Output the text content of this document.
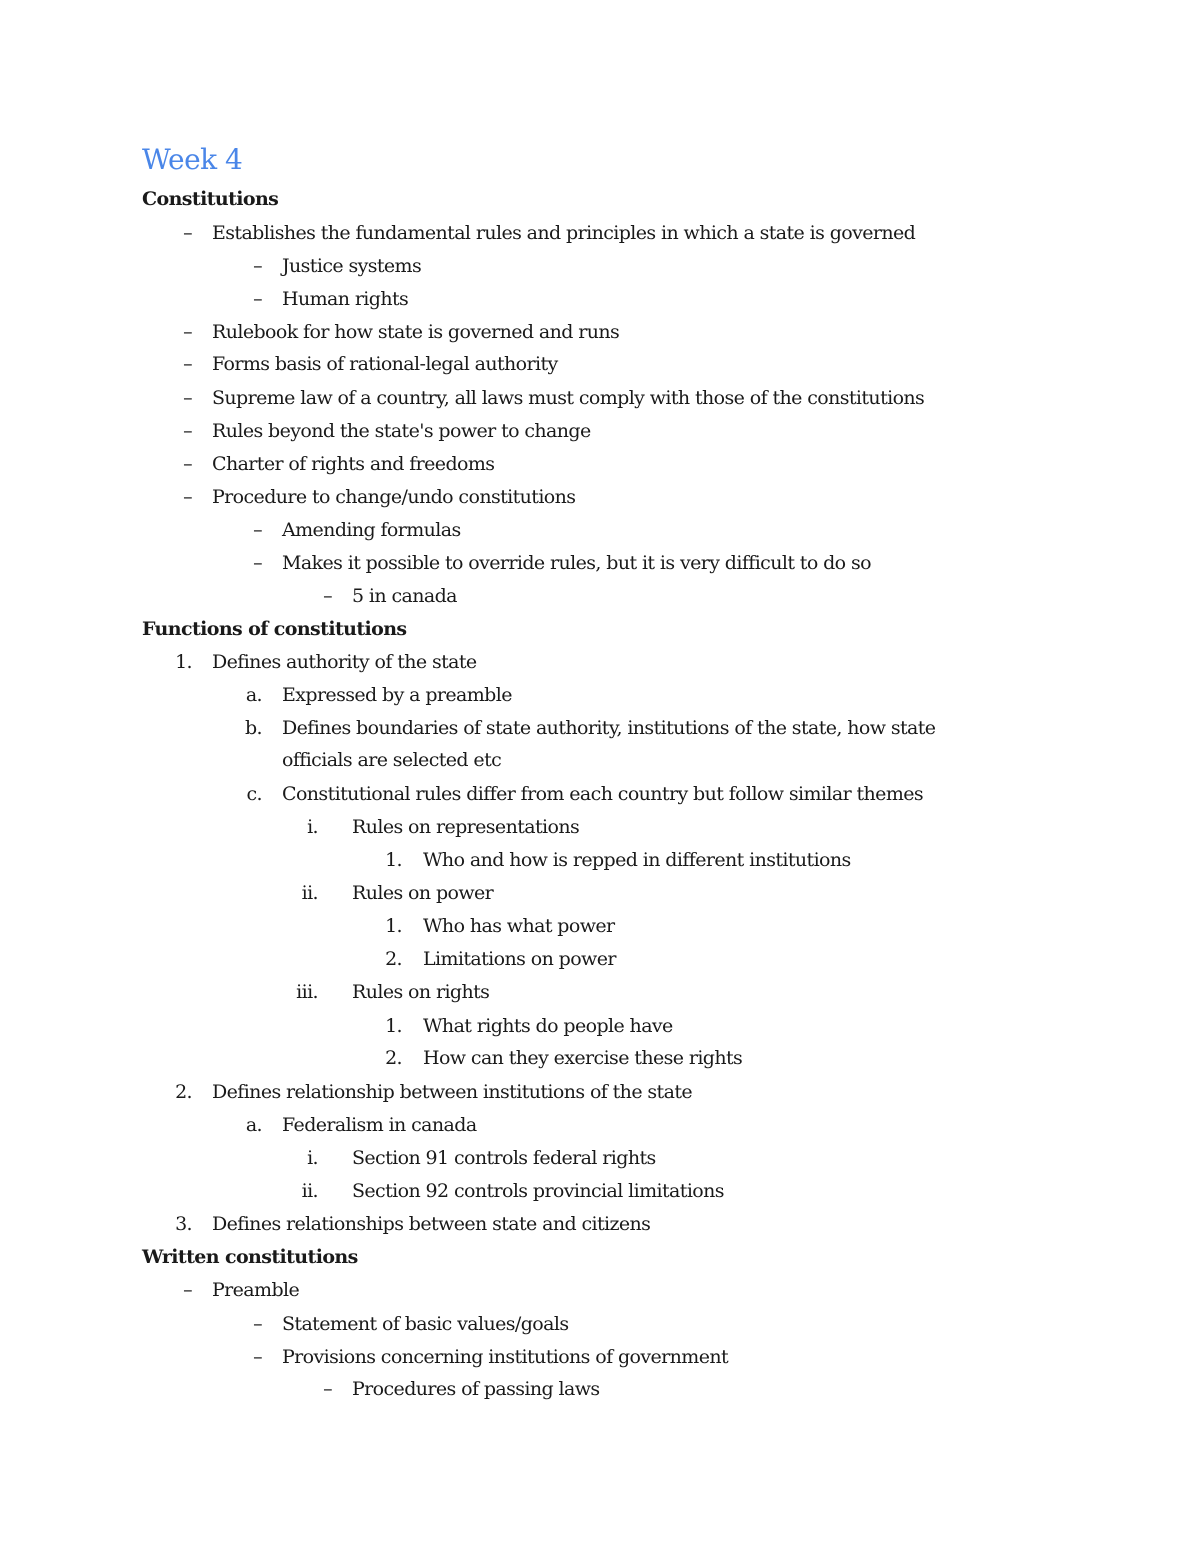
Week 4
Constitutions
– Establishes the fundamental rules and principles in which a state is governed
– Justice systems
– Human rights
– Rulebook for how state is governed and runs
– Forms basis of rational-legal authority
– Supreme law of a country, all laws must comply with those of the constitutions
– Rules beyond the state's power to change
– Charter of rights and freedoms
– Procedure to change/undo constitutions
– Amending formulas
– Makes it possible to override rules, but it is very difficult to do so
– 5 in canada
Functions of constitutions
1. Defines authority of the state
a. Expressed by a preamble
b. Defines boundaries of state authority, institutions of the state, how state
officials are selected etc
c. Constitutional rules differ from each country but follow similar themes
i. Rules on representations
1. Who and how is repped in different institutions
ii. Rules on power
1. Who has what power
2. Limitations on power
iii. Rules on rights
1. What rights do people have
2. How can they exercise these rights
2. Defines relationship between institutions of the state
a. Federalism in canada
i. Section 91 controls federal rights
ii. Section 92 controls provincial limitations
3. Defines relationships between state and citizens
Written constitutions
– Preamble
– Statement of basic values/goals
– Provisions concerning institutions of government
– Procedures of passing laws
